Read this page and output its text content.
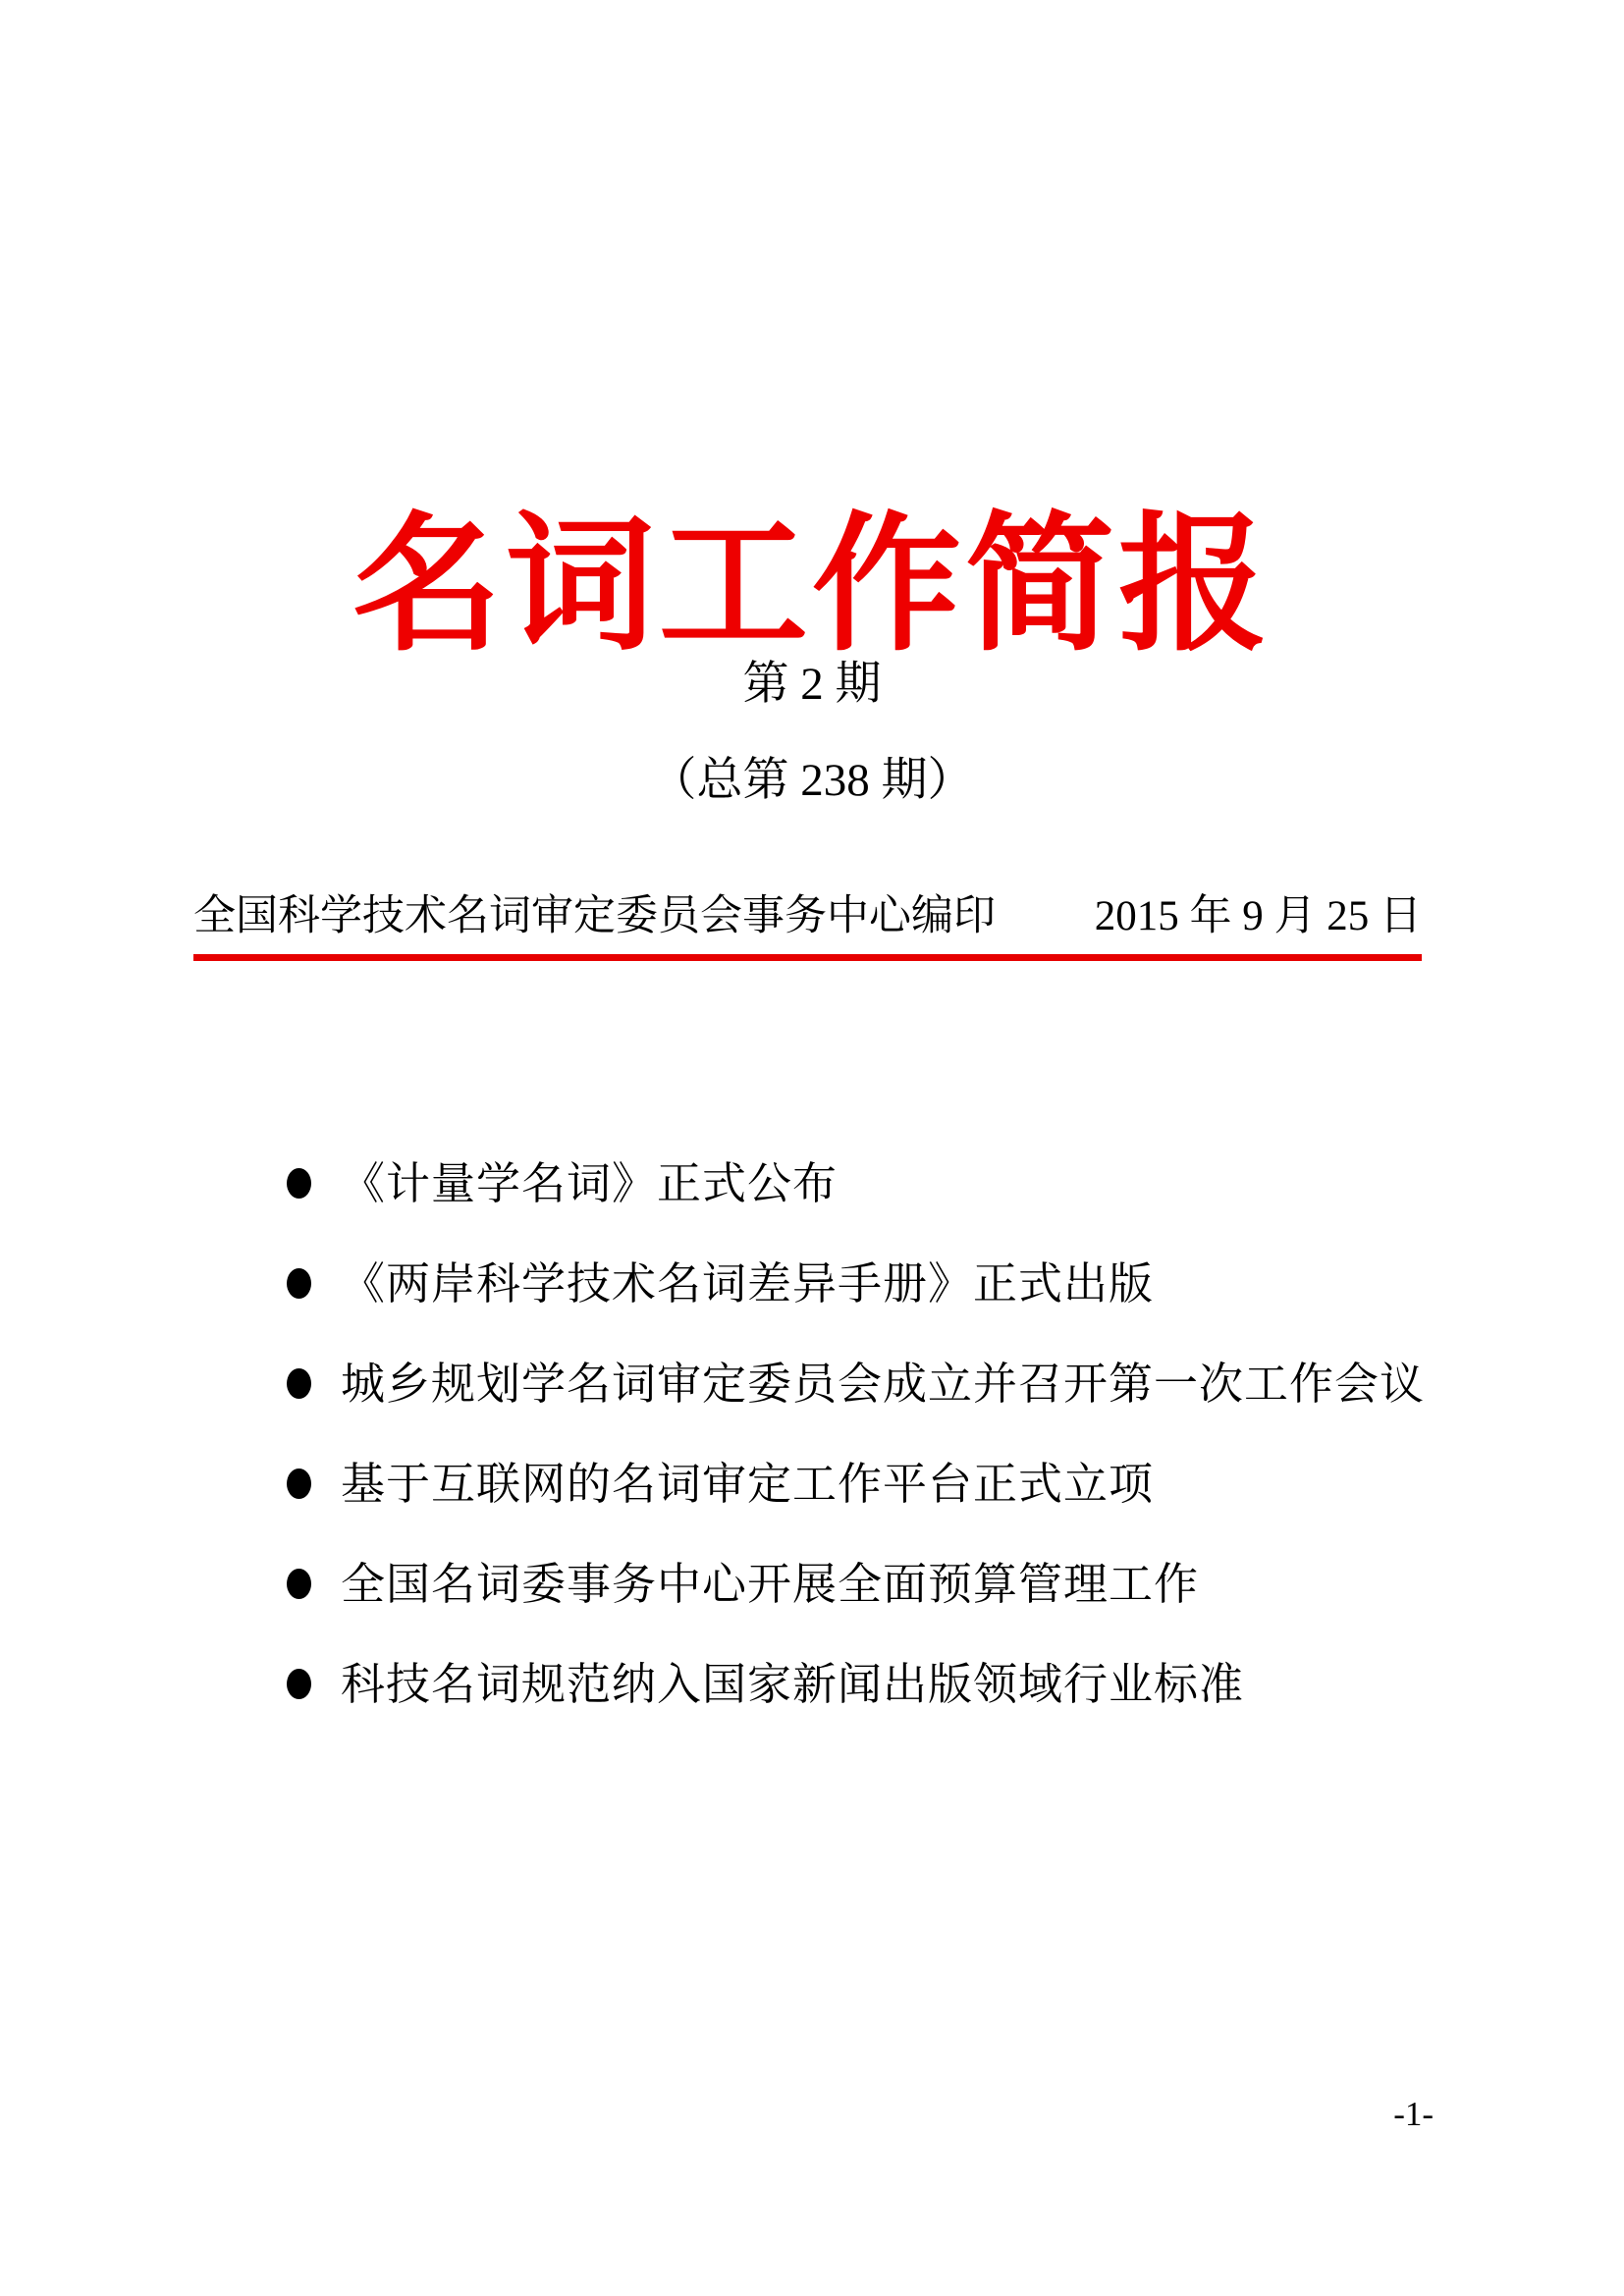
名词工作简报
第 2 期
（总第 238 期）
全国科学技术名词审定委员会事务中心编印 2015 年 9 月 25 日
《计量学名词》正式公布
《两岸科学技术名词差异手册》正式出版
城乡规划学名词审定委员会成立并召开第一次工作会议
基于互联网的名词审定工作平台正式立项
全国名词委事务中心开展全面预算管理工作
科技名词规范纳入国家新闻出版领域行业标准
-1-
